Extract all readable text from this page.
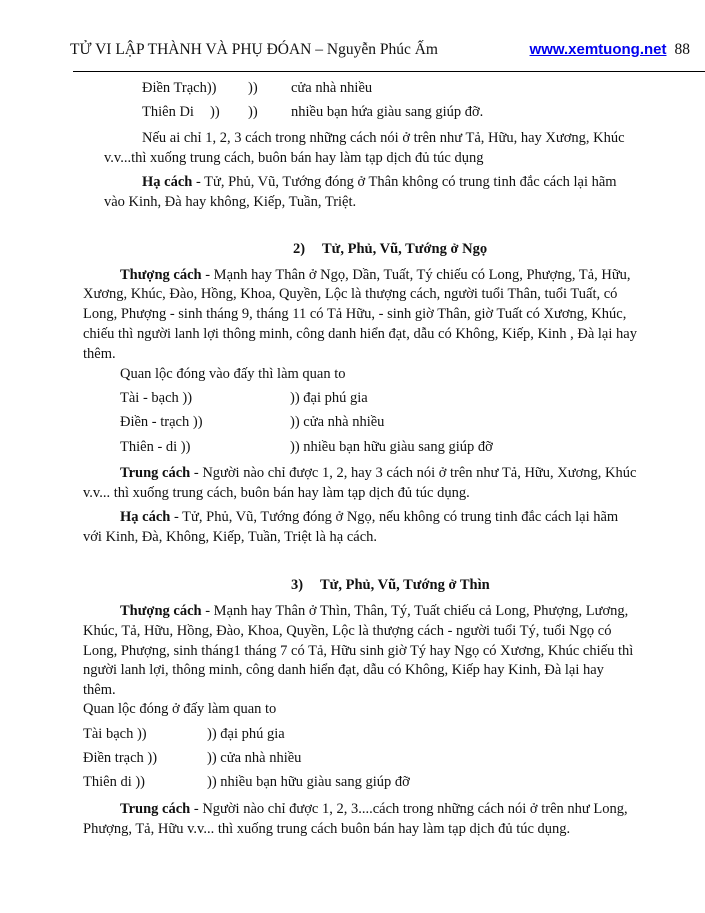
TỬ VI LẬP THÀNH VÀ PHỤ ĐÓAN – Nguyễn Phúc Ấm	www.xemtuong.net 88
Điền Trạch)) )) cửa nhà nhiều
Thiên Di )) )) nhiều bạn hứa giàu sang giúp đỡ.
Nếu ai chỉ 1, 2, 3 cách trong những cách nói ở trên như Tả, Hữu, hay Xương, Khúc
v.v...thì xuống trung cách, buôn bán hay làm tạp dịch đủ túc dụng
Hạ cách - Tử, Phủ, Vũ, Tướng đóng ở Thân không có trung tinh đắc cách lại hãm
vào Kinh, Đà hay không, Kiếp, Tuần, Triệt.
2) Tử, Phủ, Vũ, Tướng ở Ngọ
Thượng cách - Mạnh hay Thân ở Ngọ, Dần, Tuất, Tý chiếu có Long, Phượng, Tả, Hữu,
Xương, Khúc, Đào, Hồng, Khoa, Quyền, Lộc là thượng cách, người tuổi Thân, tuổi Tuất, có
Long, Phượng - sinh tháng 9, tháng 11 có Tả Hữu, - sinh giờ Thân, giờ Tuất có Xương, Khúc,
chiếu thì người lanh lợi thông minh, công danh hiển đạt, dẫu có Không, Kiếp, Kinh , Đà lại hay
thêm.
Quan lộc đóng vào đấy thì làm quan to
Tài - bạch ))	)) đại phú gia
Điền - trạch ))	)) cửa nhà nhiều
Thiên - di ))	)) nhiều bạn hữu giàu sang giúp đỡ
Trung cách - Người nào chỉ được 1, 2, hay 3 cách nói ở trên như Tả, Hữu, Xương, Khúc
v.v... thì xuống trung cách, buôn bán hay làm tạp dịch đủ túc dụng.
Hạ cách - Tử, Phủ, Vũ, Tướng đóng ở Ngọ, nếu không có trung tinh đắc cách lại hãm
với Kinh, Đà, Không, Kiếp, Tuần, Triệt là hạ cách.
3) Tử, Phủ, Vũ, Tướng ở Thìn
Thượng cách - Mạnh hay Thân ở Thìn, Thân, Tý, Tuất chiếu cả Long, Phượng, Lương,
Khúc, Tả, Hữu, Hồng, Đào, Khoa, Quyền, Lộc là thượng cách - người tuổi Tý, tuổi Ngọ có
Long, Phượng, sinh tháng1 tháng 7 có Tả, Hữu sinh giờ Tý hay Ngọ có Xương, Khúc chiếu thì
người lanh lợi, thông minh, công danh hiển đạt, dẫu có Không, Kiếp hay Kinh, Đà lại hay
thêm.
Quan lộc đóng ở đấy làm quan to
Tài bạch ))	)) đại phú gia
Điền trạch ))	)) cửa nhà nhiều
Thiên di ))	)) nhiều bạn hữu giàu sang giúp đỡ
Trung cách - Người nào chỉ được 1, 2, 3....cách trong những cách nói ở trên như Long,
Phượng, Tả, Hữu v.v... thì xuống trung cách buôn bán hay làm tạp dịch đủ túc dụng.
